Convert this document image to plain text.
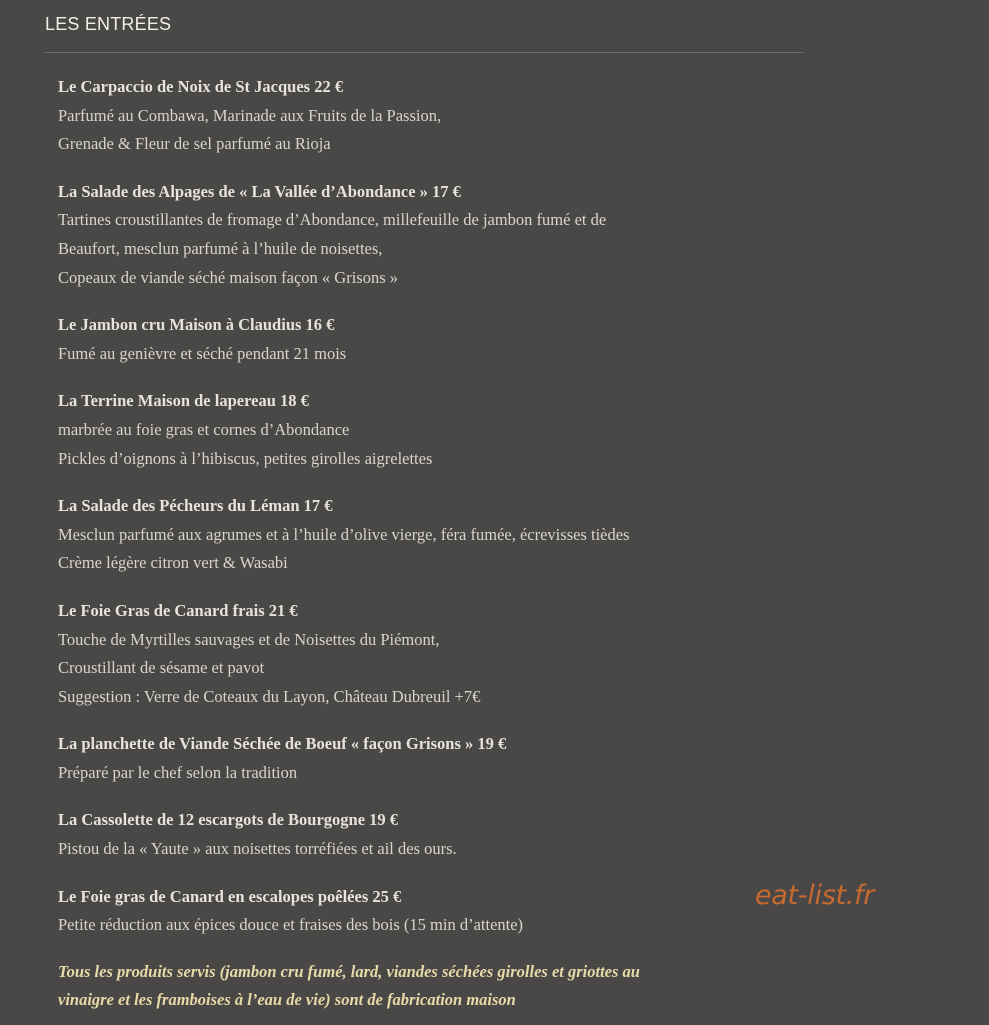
LES ENTRÉES
Le Carpaccio de Noix de St Jacques 22 €
Parfumé au Combawa, Marinade aux Fruits de la Passion,
Grenade & Fleur de sel parfumé au Rioja
La Salade des Alpages de « La Vallée d’Abondance » 17 €
Tartines croustillantes de fromage d’Abondance, millefeuille de jambon fumé et de
Beaufort, mesclun parfumé à l’huile de noisettes,
Copeaux de viande séché maison façon « Grisons »
Le Jambon cru Maison à Claudius 16 €
Fumé au genièvre et séché pendant 21 mois
La Terrine Maison de lapereau 18 €
marbrée au foie gras et cornes d’Abondance
Pickles d’oignons à l’hibiscus, petites girolles aigrelettes
La Salade des Pécheurs du Léman 17 €
Mesclun parfumé aux agrumes et à l’huile d’olive vierge, féra fumée, écrevisses tièdes
Crème légère citron vert & Wasabi
Le Foie Gras de Canard frais 21 €
Touche de Myrtilles sauvages et de Noisettes du Piémont,
Croustillant de sésame et pavot
Suggestion : Verre de Coteaux du Layon, Château Dubreuil +7€
La planchette de Viande Séchée de Boeuf « façon Grisons » 19 €
Préparé par le chef selon la tradition
La Cassolette de 12 escargots de Bourgogne 19 €
Pistou de la « Yaute » aux noisettes torréfiées et ail des ours.
Le Foie gras de Canard en escalopes poêlées 25 €
Petite réduction aux épices douce et fraises des bois (15 min d’attente)
Tous les produits servis (jambon cru fumé, lard, viandes séchées girolles et griottes au
vinaigre et les framboises à l’eau de vie) sont de fabrication maison
eat-list.fr
